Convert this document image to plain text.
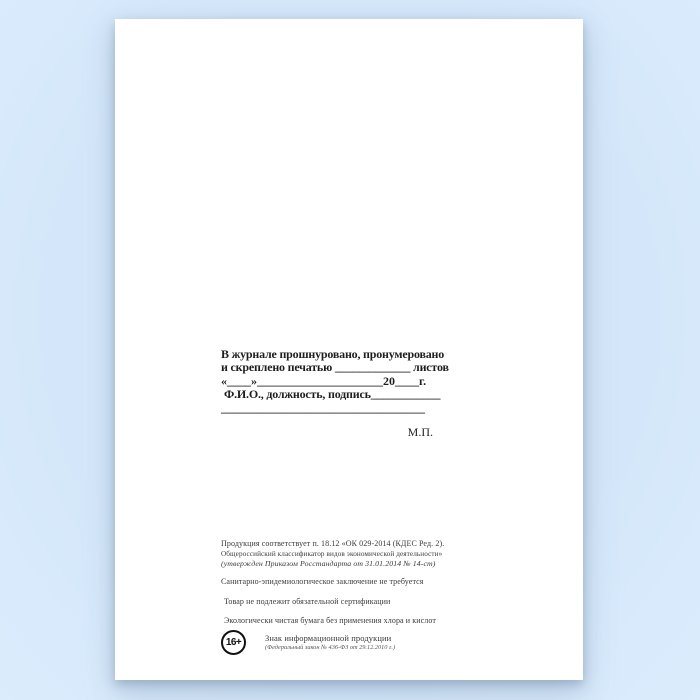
В журнале прошнуровано, пронумеровано
и скреплено печатью _____________ листов
«____»_____________________20____г.
Ф.И.О., должность, подпись____________
__________________________________
М.П.
Продукция соответствует п. 18.12 «ОК 029-2014 (КДЕС Ред. 2).
Общероссийский классификатор видов экономической деятельности»
(утвержден Приказом Росстандарта от 31.01.2014 № 14-ст)
Санитарно-эпидемиологическое заключение не требуется
Товар не подлежит обязательной сертификации
Экологически чистая бумага без применения хлора и кислот
16+	Знак информационной продукции
(Федеральный закон № 436-ФЗ от 29.12.2010 г.)
